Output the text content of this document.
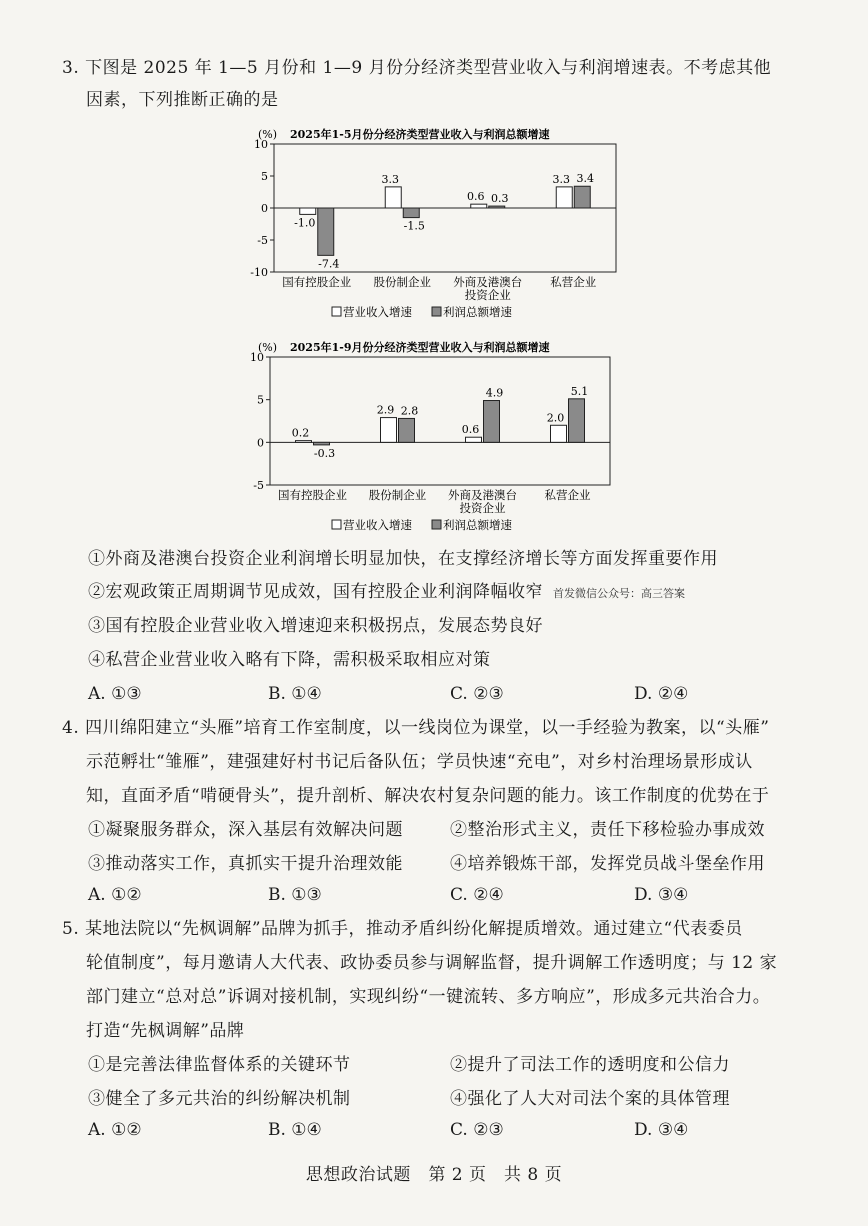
3. 下图是 2025 年 1—5 月份和 1—9 月份分经济类型营业收入与利润增速表。不考虑其他
因素，下列推断正确的是
(%) 2025年1-5月份分经济类型营业收入与利润总额增速
10
5
0
-5
-10
-1.0
-7.4
国有控股企业
3.3
-1.5
股份制企业
0.6 0.3
外商及港澳台
投资企业
3.3 3.4
私营企业
营业收入增速	利润总额增速
(%) 2025年1-9月份分经济类型营业收入与利润总额增速
10
5
0
-5
0.2
-0.3
国有控股企业
2.9 2.8
股份制企业
0.6
4.9
外商及港澳台
投资企业
2.0
5.1
私营企业
营业收入增速	利润总额增速
①外商及港澳台投资企业利润增长明显加快，在支撑经济增长等方面发挥重要作用
②宏观政策正周期调节见成效，国有控股企业利润降幅收窄 首发微信公众号：高三答案
③国有控股企业营业收入增速迎来积极拐点，发展态势良好
④私营企业营业收入略有下降，需积极采取相应对策
A. ①③	B. ①④	C. ②③	D. ②④
4. 四川绵阳建立“头雁”培育工作室制度，以一线岗位为课堂，以一手经验为教案，以“头雁”
示范孵壮“雏雁”，建强建好村书记后备队伍；学员快速“充电”，对乡村治理场景形成认
知，直面矛盾“啃硬骨头”，提升剖析、解决农村复杂问题的能力。该工作制度的优势在于
①凝聚服务群众，深入基层有效解决问题	②整治形式主义，责任下移检验办事成效
③推动落实工作，真抓实干提升治理效能	④培养锻炼干部，发挥党员战斗堡垒作用
A. ①②	B. ①③	C. ②④	D. ③④
5. 某地法院以“先枫调解”品牌为抓手，推动矛盾纠纷化解提质增效。通过建立“代表委员
轮值制度”，每月邀请人大代表、政协委员参与调解监督，提升调解工作透明度；与 12 家
部门建立“总对总”诉调对接机制，实现纠纷“一键流转、多方响应”，形成多元共治合力。
打造“先枫调解”品牌
①是完善法律监督体系的关键环节	②提升了司法工作的透明度和公信力
③健全了多元共治的纠纷解决机制	④强化了人大对司法个案的具体管理
A. ①②	B. ①④	C. ②③	D. ③④
思想政治试题　第 2 页　共 8 页
